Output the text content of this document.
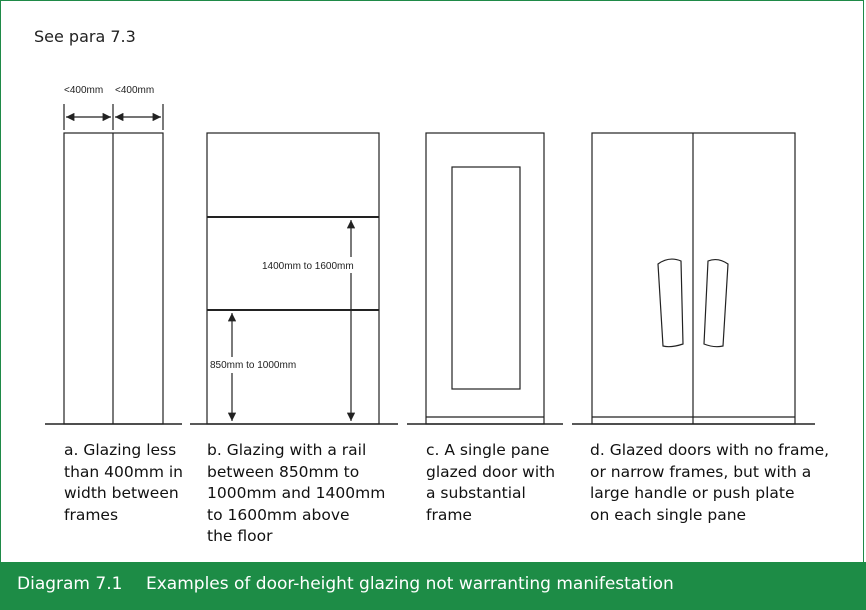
See para 7.3
<400mm <400mm
1400mm to 1600mm
850mm to 1000mm
a. Glazing less
than 400mm in
width between
frames
b. Glazing with a rail
between 850mm to
1000mm and 1400mm
to 1600mm above
the floor
c. A single pane
glazed door with
a substantial
frame
d. Glazed doors with no frame,
or narrow frames, but with a
large handle or push plate
on each single pane
Diagram 7.1 Examples of door-height glazing not warranting manifestation
